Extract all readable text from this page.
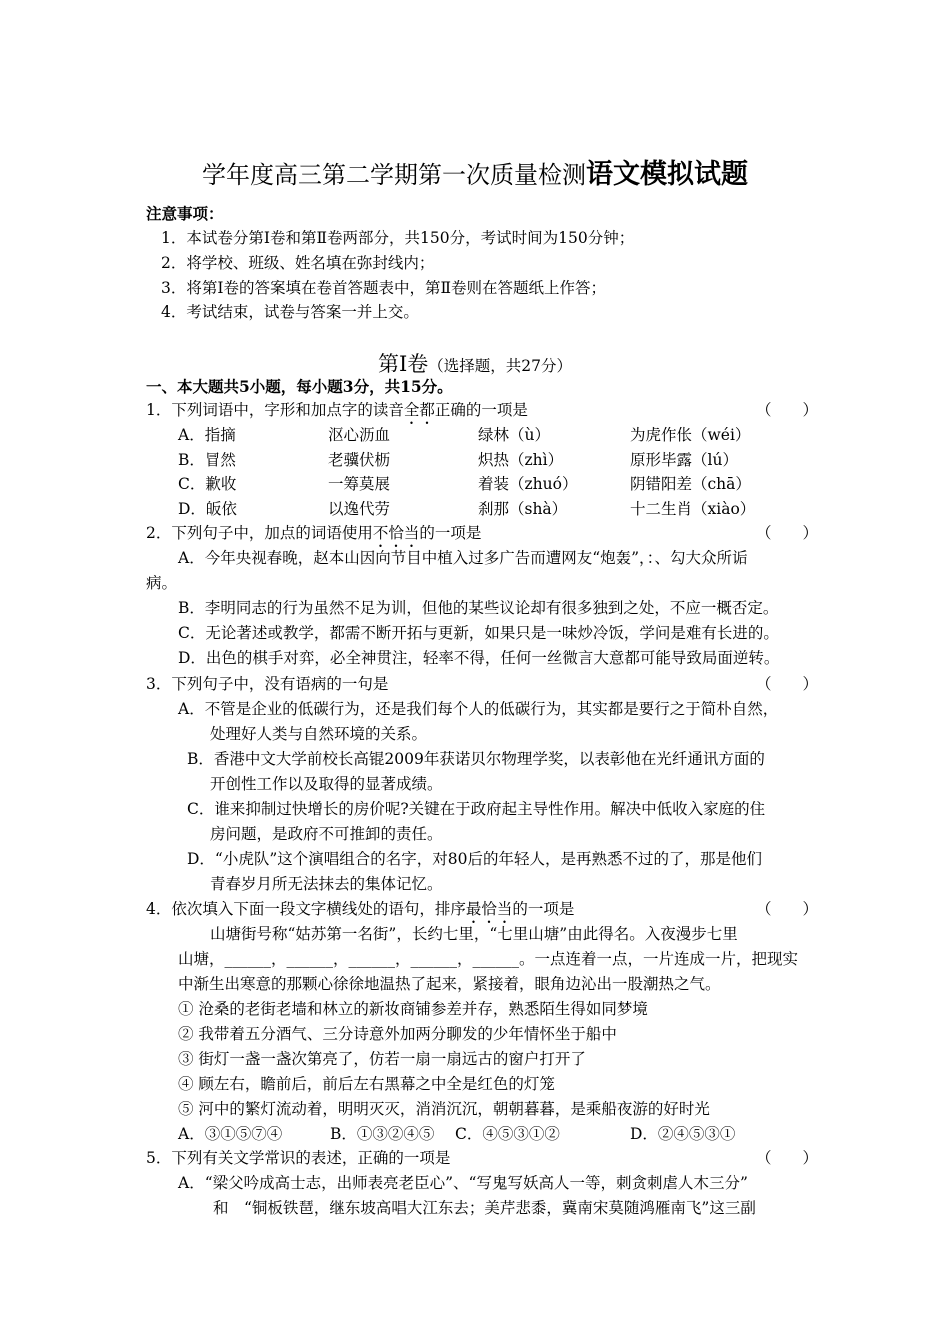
学年度高三第二学期第一次质量检测语文模拟试题
注意事项：
1．本试卷分第Ⅰ卷和第Ⅱ卷两部分，共150分，考试时间为150分钟；
2．将学校、班级、姓名填在弥封线内；
3．将第Ⅰ卷的答案填在卷首答题表中，第Ⅱ卷则在答题纸上作答；
4．考试结束，试卷与答案一并上交。
第Ⅰ卷（选择题，共27分）
一、本大题共5小题，每小题3分，共15分。
1．下列词语中，字形和加点字的读音全都正确的一项是	（　　）
A．指摘	沤心沥血	绿林（ù）	为虎作伥（wéi）
B．冒然	老骥伏枥	炽热（zhì）	原形毕露（lú）
C．歉收	一筹莫展	着装（zhuó）	阴错阳差（chā）
D．皈依	以逸代劳	刹那（shà）	十二生肖（xiào）
2．下列句子中，加点的词语使用不恰当的一项是	（　　）
A．今年央视春晚，赵本山因向节目中植入过多广告而遭网友“炮轰”，：、勾大众所诟
病。
B．李明同志的行为虽然不足为训，但他的某些议论却有很多独到之处，不应一概否定。
C．无论著述或教学，都需不断开拓与更新，如果只是一味炒冷饭，学问是难有长进的。
D．出色的棋手对弈，必全神贯注，轻率不得，任何一丝微言大意都可能导致局面逆转。
3．下列句子中，没有语病的一句是	（　　）
A．不管是企业的低碳行为，还是我们每个人的低碳行为，其实都是要行之于简朴自然，
处理好人类与自然环境的关系。
B．香港中文大学前校长高锟2009年获诺贝尔物理学奖，以表彰他在光纤通讯方面的
开创性工作以及取得的显著成绩。
C．谁来抑制过快增长的房价呢?关键在于政府起主导性作用。解决中低收入家庭的住
房问题，是政府不可推卸的责任。
D．“小虎队”这个演唱组合的名字，对80后的年轻人，是再熟悉不过的了，那是他们
青春岁月所无法抹去的集体记忆。
4．依次填入下面一段文字横线处的语句，排序最恰当的一项是	（　　）
山塘街号称“姑苏第一名街”，长约七里，“七里山塘”由此得名。入夜漫步七里
山塘，______，______，______，______，______。一点连着一点，一片连成一片，把现实
中渐生出寒意的那颗心徐徐地温热了起来，紧接着，眼角边沁出一股潮热之气。
① 沧桑的老街老墙和林立的新妆商铺参差并存，熟悉陌生得如同梦境
② 我带着五分酒气、三分诗意外加两分聊发的少年情怀坐于船中
③ 街灯一盏一盏次第亮了，仿若一扇一扇远古的窗户打开了
④ 顾左右，瞻前后，前后左右黑幕之中全是红色的灯笼
⑤ 河中的繁灯流动着，明明灭灭，消消沉沉，朝朝暮暮，是乘船夜游的好时光
A．③①⑤⑦④	B．①③②④⑤ C．④⑤③①②	D．②④⑤③①
5．下列有关文学常识的表述，正确的一项是	（　　）
A．“梁父吟成高士志，出师表亮老臣心”、“写鬼写妖高人一等，刺贪刺虐人木三分”
和　“铜板铁琶，继东坡高唱大江东去；美芹悲黍，冀南宋莫随鸿雁南飞”这三副
